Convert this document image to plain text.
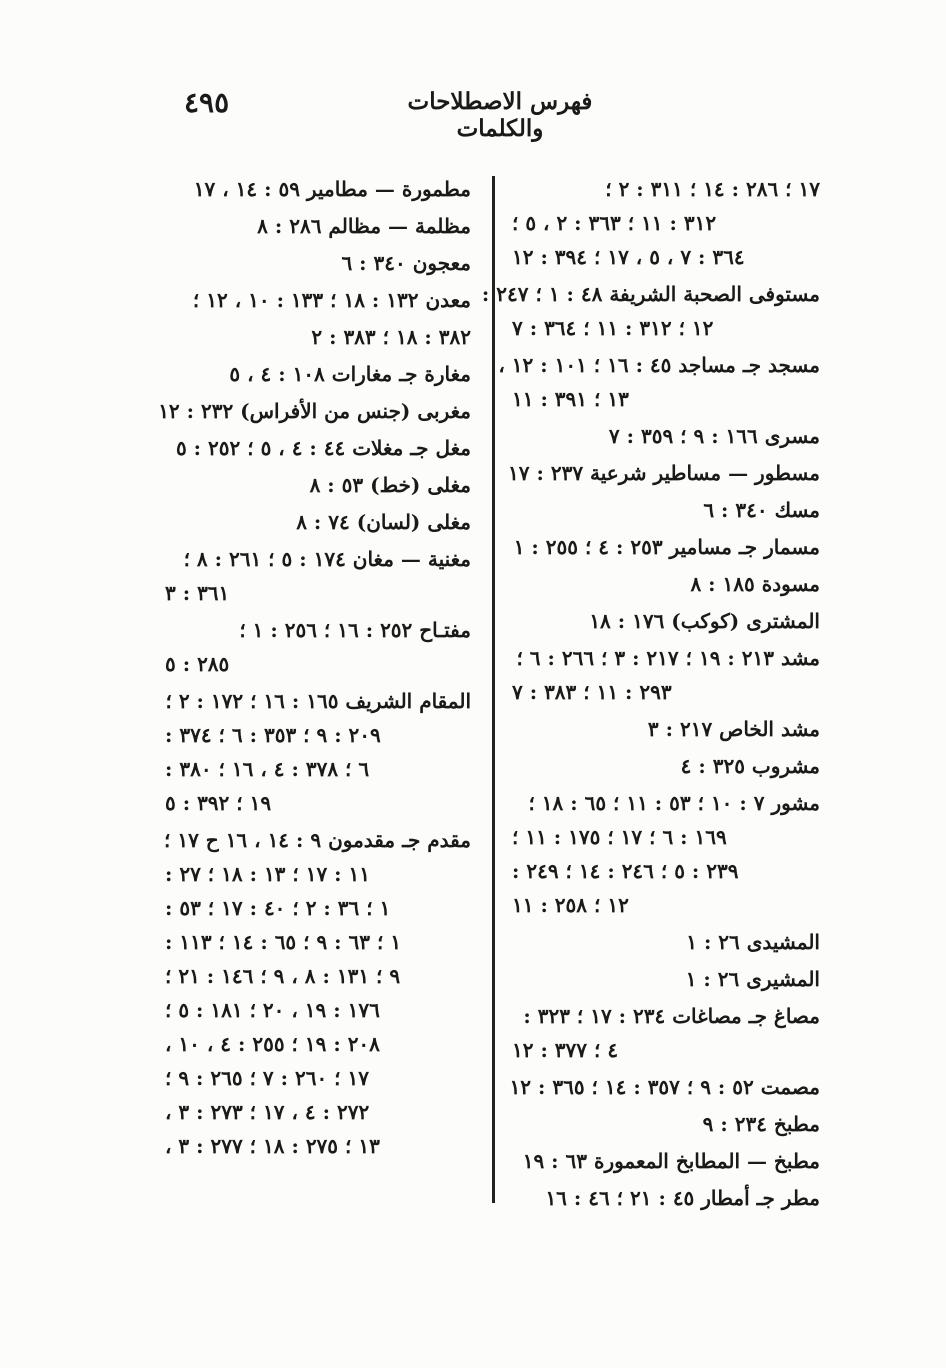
٤٩٥	فهرس الاصطلاحات والكلمات
١٧ ؛ ٢٨٦ : ١٤ ؛ ٣١١ : ٢ ؛
٣١٢ : ١١ ؛ ٣٦٣ : ٢ ، ٥ ؛
٣٦٤ : ٧ ، ٥ ، ١٧ ؛ ٣٩٤ : ١٢
مستوفى الصحبة الشريفة ٤٨ : ١ ؛ ٢٤٧ :
١٢ ؛ ٣١٢ : ١١ ؛ ٣٦٤ : ٧
مسجد جـ مساجد ٤٥ : ١٦ ؛ ١٠١ : ١٢ ،
١٣ ؛ ٣٩١ : ١١
مسرى ١٦٦ : ٩ ؛ ٣٥٩ : ٧
مسطور — مساطير شرعية ٢٣٧ : ١٧
مسك ٣٤٠ : ٦
مسمار جـ مسامير ٢٥٣ : ٤ ؛ ٢٥٥ : ١
مسودة ١٨٥ : ٨
المشترى (كوكب) ١٧٦ : ١٨
مشد ٢١٣ : ١٩ ؛ ٢١٧ : ٣ ؛ ٢٦٦ : ٦ ؛
٢٩٣ : ١١ ؛ ٣٨٣ : ٧
مشد الخاص ٢١٧ : ٣
مشروب ٣٢٥ : ٤
مشور ٧ : ١٠ ؛ ٥٣ : ١١ ؛ ٦٥ : ١٨ ؛
١٦٩ : ٦ ؛ ١٧ ؛ ١٧٥ : ١١ ؛
٢٣٩ : ٥ ؛ ٢٤٦ : ١٤ ؛ ٢٤٩ :
١٢ ؛ ٢٥٨ : ١١
المشيدى ٢٦ : ١
المشيرى ٢٦ : ١
مصاغ جـ مصاغات ٢٣٤ : ١٧ ؛ ٣٢٣ :
٤ ؛ ٣٧٧ : ١٢
مصمت ٥٢ : ٩ ؛ ٣٥٧ : ١٤ ؛ ٣٦٥ : ١٢
مطبخ ٢٣٤ : ٩
مطبخ — المطابخ المعمورة ٦٣ : ١٩
مطر جـ أمطار ٤٥ : ٢١ ؛ ٤٦ : ١٦
مطمورة — مطامير ٥٩ : ١٤ ، ١٧
مظلمة — مظالم ٢٨٦ : ٨
معجون ٣٤٠ : ٦
معدن ١٣٢ : ١٨ ؛ ١٣٣ : ١٠ ، ١٢ ؛
٣٨٢ : ١٨ ؛ ٣٨٣ : ٢
مغارة جـ مغارات ١٠٨ : ٤ ، ٥
مغربى (جنس من الأفراس) ٢٣٢ : ١٢
مغل جـ مغلات ٤٤ : ٤ ، ٥ ؛ ٢٥٢ : ٥
مغلى (خط) ٥٣ : ٨
مغلى (لسان) ٧٤ : ٨
مغنية — مغان ١٧٤ : ٥ ؛ ٢٦١ : ٨ ؛
٣٦١ : ٣
مفتـاح ٢٥٢ : ١٦ ؛ ٢٥٦ : ١ ؛
٢٨٥ : ٥
المقام الشريف ١٦٥ : ١٦ ؛ ١٧٢ : ٢ ؛
٢٠٩ : ٩ ؛ ٣٥٣ : ٦ ؛ ٣٧٤ :
٦ ؛ ٣٧٨ : ٤ ، ١٦ ؛ ٣٨٠ :
١٩ ؛ ٣٩٢ : ٥
مقدم جـ مقدمون ٩ : ١٤ ، ١٦ ح ١٧ ؛
١١ : ١٧ ؛ ١٣ : ١٨ ؛ ٢٧ :
١ ؛ ٣٦ : ٢ ؛ ٤٠ : ١٧ ؛ ٥٣ :
١ ؛ ٦٣ : ٩ ؛ ٦٥ : ١٤ ؛ ١١٣ :
٩ ؛ ١٣١ : ٨ ، ٩ ؛ ١٤٦ : ٢١ ؛
١٧٦ : ١٩ ، ٢٠ ؛ ١٨١ : ٥ ؛
٢٠٨ : ١٩ ؛ ٢٥٥ : ٤ ، ١٠ ،
١٧ ؛ ٢٦٠ : ٧ ؛ ٢٦٥ : ٩ ؛
٢٧٢ : ٤ ، ١٧ ؛ ٢٧٣ : ٣ ،
١٣ ؛ ٢٧٥ : ١٨ ؛ ٢٧٧ : ٣ ،
